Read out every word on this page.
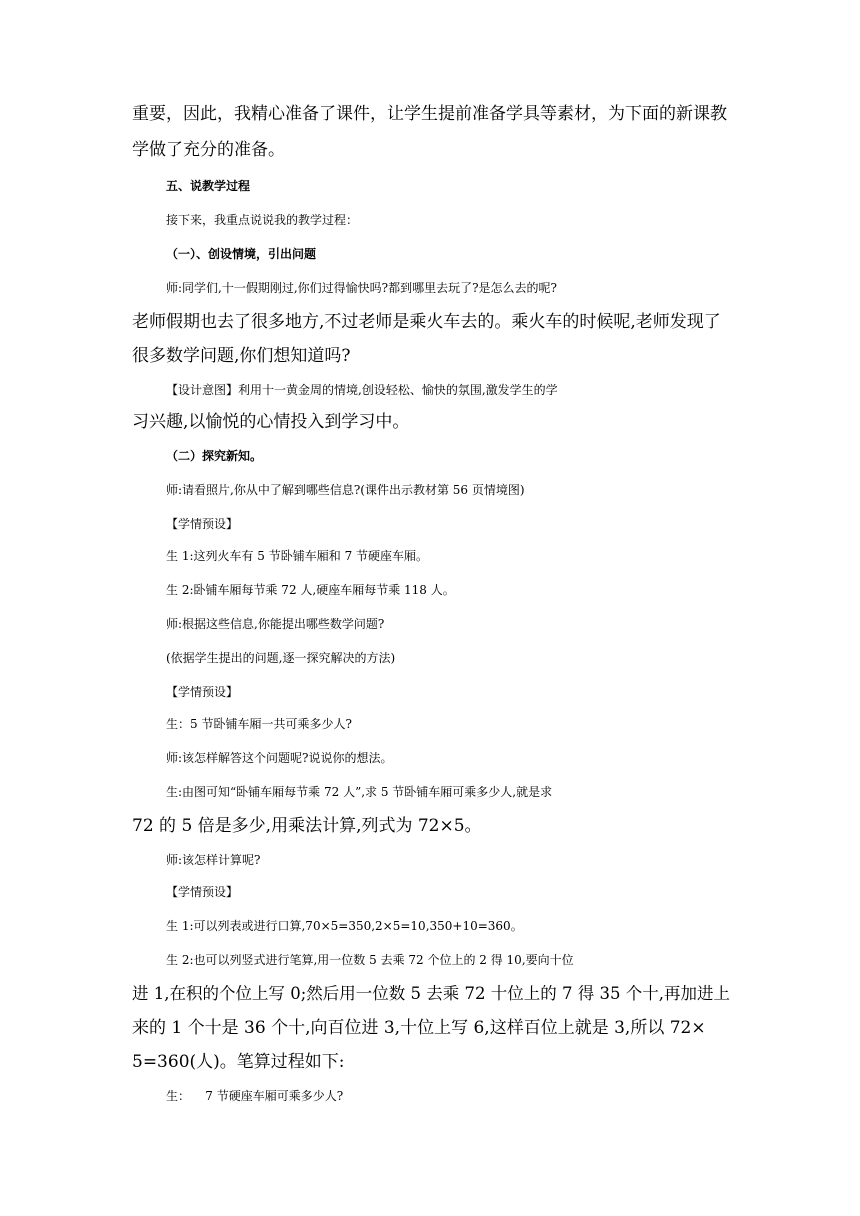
重要，因此，我精心准备了课件，让学生提前准备学具等素材，为下面的新课教
学做了充分的准备。
五、说教学过程
接下来，我重点说说我的教学过程：
（一）、创设情境，引出问题
师:同学们,十一假期刚过,你们过得愉快吗?都到哪里去玩了?是怎么去的呢?
老师假期也去了很多地方,不过老师是乘火车去的。乘火车的时候呢,老师发现了
很多数学问题,你们想知道吗?
【设计意图】利用十一黄金周的情境,创设轻松、愉快的氛围,激发学生的学
习兴趣,以愉悦的心情投入到学习中。
（二）探究新知。
师:请看照片,你从中了解到哪些信息?(课件出示教材第 56 页情境图)
【学情预设】
生 1:这列火车有 5 节卧铺车厢和 7 节硬座车厢。
生 2:卧铺车厢每节乘 72 人,硬座车厢每节乘 118 人。
师:根据这些信息,你能提出哪些数学问题?
(依据学生提出的问题,逐一探究解决的方法)
【学情预设】
生：5 节卧铺车厢一共可乘多少人?
师:该怎样解答这个问题呢?说说你的想法。
生:由图可知“卧铺车厢每节乘 72 人”,求 5 节卧铺车厢可乘多少人,就是求
72 的 5 倍是多少,用乘法计算,列式为 72×5。
师:该怎样计算呢?
【学情预设】
生 1:可以列表或进行口算,70×5=350,2×5=10,350+10=360。
生 2:也可以列竖式进行笔算,用一位数 5 去乘 72 个位上的 2 得 10,要向十位
进 1,在积的个位上写 0;然后用一位数 5 去乘 72 十位上的 7 得 35 个十,再加进上
来的 1 个十是 36 个十,向百位进 3,十位上写 6,这样百位上就是 3,所以 72×
5=360(人)。笔算过程如下:
生：    7 节硬座车厢可乘多少人?
